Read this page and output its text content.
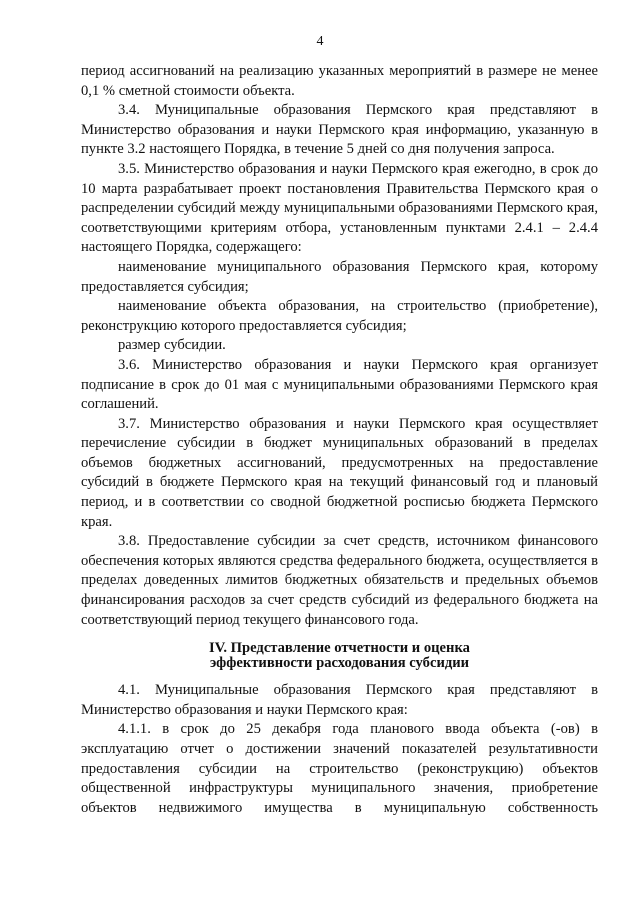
4

период ассигнований на реализацию указанных мероприятий в размере не менее 0,1 % сметной стоимости объекта.

3.4. Муниципальные образования Пермского края представляют в Министерство образования и науки Пермского края информацию, указанную в пункте 3.2 настоящего Порядка, в течение 5 дней со дня получения запроса.

3.5. Министерство образования и науки Пермского края ежегодно, в срок до 10 марта разрабатывает проект постановления Правительства Пермского края о распределении субсидий между муниципальными образованиями Пермского края, соответствующими критериям отбора, установленным пунктами 2.4.1 – 2.4.4 настоящего Порядка, содержащего:

наименование муниципального образования Пермского края, которому предоставляется субсидия;

наименование объекта образования, на строительство (приобретение), реконструкцию которого предоставляется субсидия;

размер субсидии.

3.6. Министерство образования и науки Пермского края организует подписание в срок до 01 мая с муниципальными образованиями Пермского края соглашений.

3.7. Министерство образования и науки Пермского края осуществляет перечисление субсидии в бюджет муниципальных образований в пределах объемов бюджетных ассигнований, предусмотренных на предоставление субсидий в бюджете Пермского края на текущий финансовый год и плановый период, и в соответствии со сводной бюджетной росписью бюджета Пермского края.

3.8. Предоставление субсидии за счет средств, источником финансового обеспечения которых являются средства федерального бюджета, осуществляется в пределах доведенных лимитов бюджетных обязательств и предельных объемов финансирования расходов за счет средств субсидий из федерального бюджета на соответствующий период текущего финансового года.

IV. Представление отчетности и оценка
эффективности расходования субсидии

4.1. Муниципальные образования Пермского края представляют в Министерство образования и науки Пермского края:

4.1.1. в срок до 25 декабря года планового ввода объекта (-ов) в эксплуатацию отчет о достижении значений показателей результативности предоставления субсидии на строительство (реконструкцию) объектов общественной инфраструктуры муниципального значения, приобретение объектов недвижимого имущества в муниципальную собственность
